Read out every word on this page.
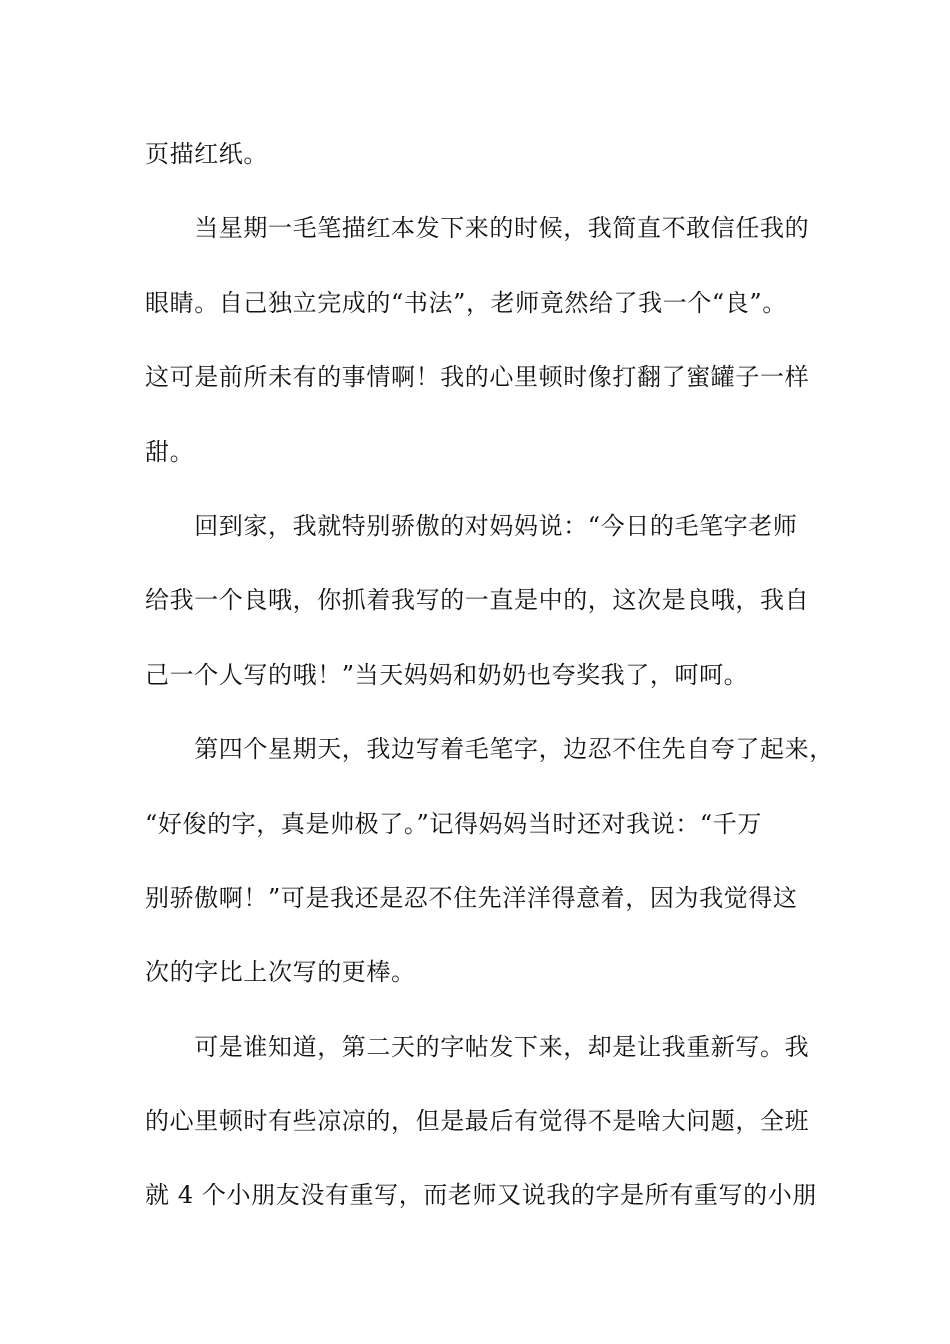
页描红纸。
　　当星期一毛笔描红本发下来的时候，我简直不敢信任我的
眼睛。自己独立完成的“书法”，老师竟然给了我一个“良”。
这可是前所未有的事情啊！我的心里顿时像打翻了蜜罐子一样
甜。
　　回到家，我就特别骄傲的对妈妈说：“今日的毛笔字老师
给我一个良哦，你抓着我写的一直是中的，这次是良哦，我自
己一个人写的哦！”当天妈妈和奶奶也夸奖我了，呵呵。
　　第四个星期天，我边写着毛笔字，边忍不住先自夸了起来，
“好俊的字，真是帅极了。”记得妈妈当时还对我说：“千万
别骄傲啊！”可是我还是忍不住先洋洋得意着，因为我觉得这
次的字比上次写的更棒。
　　可是谁知道，第二天的字帖发下来，却是让我重新写。我
的心里顿时有些凉凉的，但是最后有觉得不是啥大问题，全班
就 4 个小朋友没有重写，而老师又说我的字是所有重写的小朋
